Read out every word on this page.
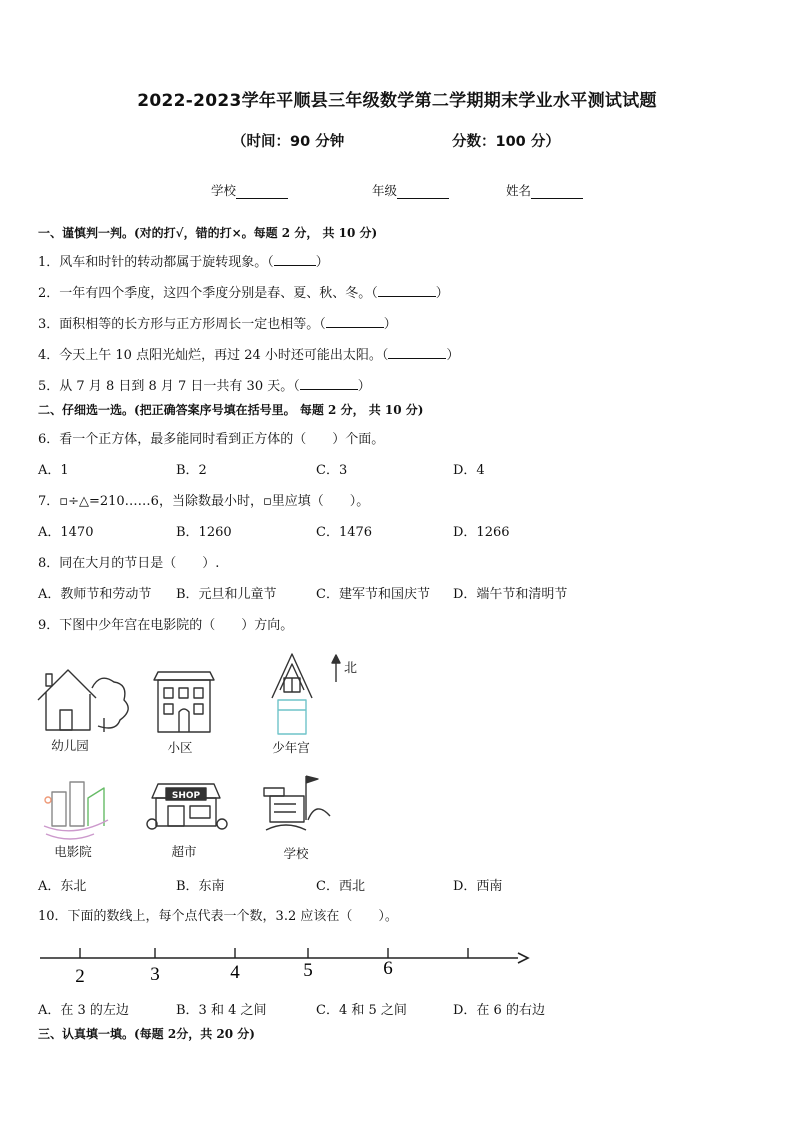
2022-2023学年平顺县三年级数学第二学期期末学业水平测试试题
（时间：90 分钟	分数：100 分）
学校	年级	姓名
一、谨慎判一判。(对的打√，错的打×。每题 2 分， 共 10 分)
1．风车和时针的转动都属于旋转现象。（	）
2．一年有四个季度，这四个季度分别是春、夏、秋、冬。（	）
3．面积相等的长方形与正方形周长一定也相等。（	）
4．今天上午 10 点阳光灿烂，再过 24 小时还可能出太阳。（	）
5．从 7 月 8 日到 8 月 7 日一共有 30 天。（	）
二、仔细选一选。(把正确答案序号填在括号里。 每题 2 分， 共 10 分)
6．看一个正方体，最多能同时看到正方体的（　　）个面。
A．1	B．2	C．3	D．4
7．▫÷△=210……6，当除数最小时，▫里应填（　　）。
A．1470	B．1260	C．1476	D．1266
8．同在大月的节日是（　　）.
A．教师节和劳动节 B．元旦和儿童节	C．建军节和国庆节 D．端午节和清明节
9．下图中少年宫在电影院的（　　）方向。
北
SHOP
幼儿园	小区	少年宫
电影院	超市	学校
A．东北	B．东南	C．西北	D．西南
10．下面的数线上，每个点代表一个数，3.2 应该在（　　）。
2	3	4	5	6
A．在 3 的左边	B．3 和 4 之间	C．4 和 5 之间	D．在 6 的右边
三、认真填一填。(每题 2分，共 20 分)
